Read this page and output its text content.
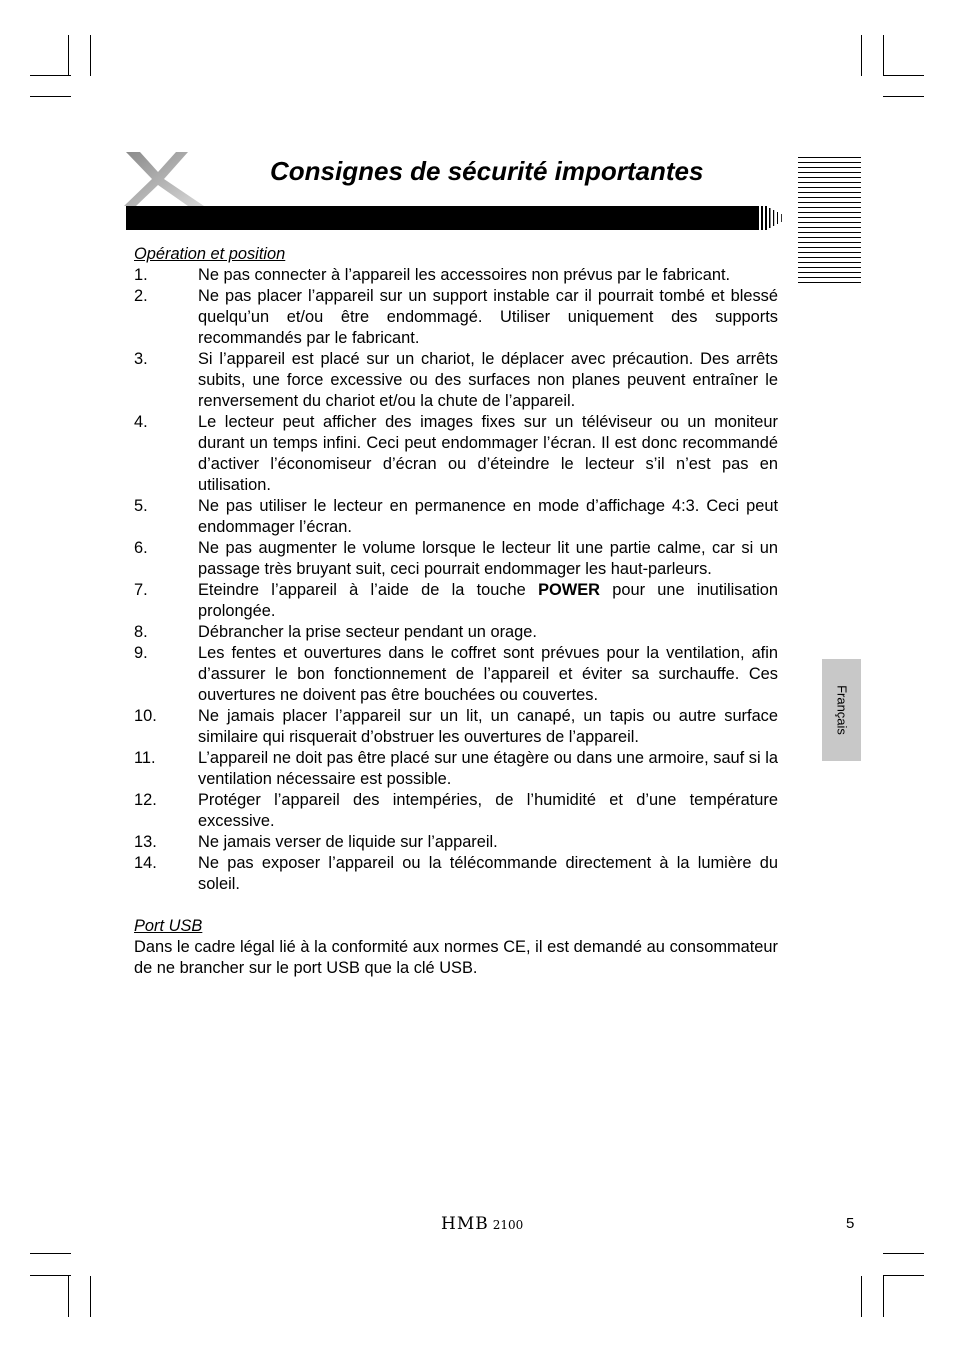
Consignes de sécurité importantes
Français
Opération et position
1.	Ne pas connecter à l’appareil les accessoires non prévus par le fabricant.
2.	Ne pas placer l’appareil sur un support instable car il pourrait tombé et blessé quelqu’un et/ou être endommagé. Utiliser uniquement des supports recommandés par le fabricant.
3.	Si l’appareil est placé sur un chariot, le déplacer avec précaution. Des arrêts subits, une force excessive ou des surfaces non planes peuvent entraîner le renversement du chariot et/ou la chute de l’appareil.
4.	Le lecteur peut afficher des images fixes sur un téléviseur ou un moniteur durant un temps infini. Ceci peut endommager l’écran. Il est donc recommandé d’activer l’économiseur d’écran ou d’éteindre le lecteur s’il n’est pas en utilisation.
5.	Ne pas utiliser le lecteur en permanence en mode d’affichage 4:3. Ceci peut endommager l’écran.
6.	Ne pas augmenter le volume lorsque le lecteur lit une partie calme, car si un passage très bruyant suit, ceci pourrait endommager les haut-parleurs.
7.	Eteindre l’appareil à l’aide de la touche POWER pour une inutilisation prolongée.
8.	Débrancher la prise secteur pendant un orage.
9.	Les fentes et ouvertures dans le coffret sont prévues pour la ventilation, afin d’assurer le bon fonctionnement de l’appareil et éviter sa surchauffe. Ces ouvertures ne doivent pas être bouchées ou couvertes.
10.	Ne jamais placer l’appareil sur un lit, un canapé, un tapis ou autre surface similaire qui risquerait d’obstruer les ouvertures de l’appareil.
11.	L’appareil ne doit pas être placé sur une étagère ou dans une armoire, sauf si la ventilation nécessaire est possible.
12.	Protéger l’appareil des intempéries, de l’humidité et d’une température excessive.
13.	Ne jamais verser de liquide sur l’appareil.
14.	Ne pas exposer l’appareil ou la télécommande directement à la lumière du soleil.
Port USB
Dans le cadre légal lié à la conformité aux normes CE, il est demandé au consommateur de ne brancher sur le port USB que la clé USB.
HMB 2100	5
